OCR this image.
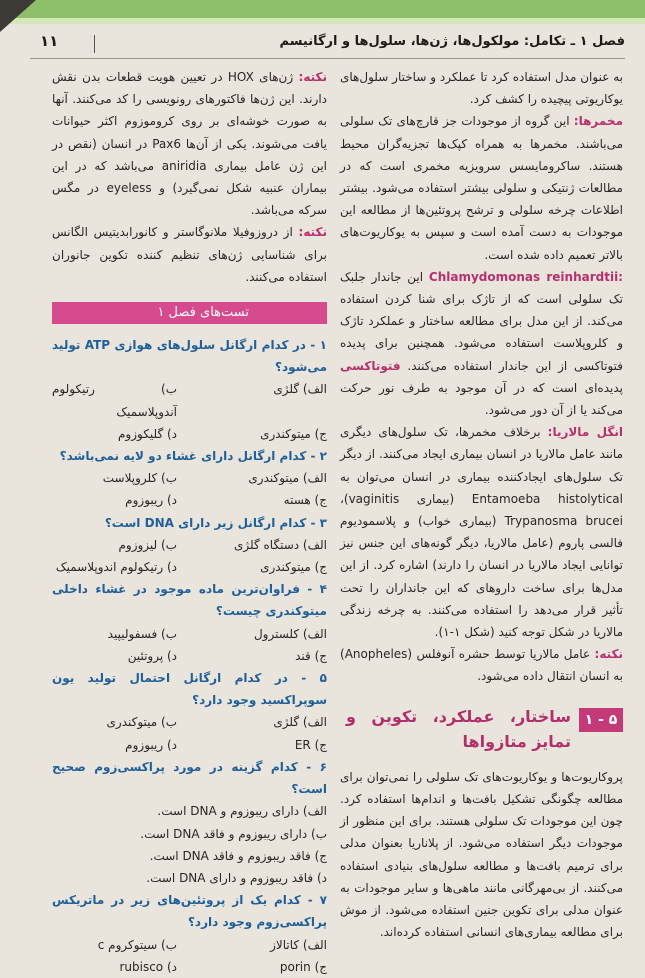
فصل ۱ ـ تکامل: مولکول‌ها، ژن‌ها، سلول‌ها و ارگانیسم
۱۱

به عنوان مدل استفاده کرد تا عملکرد و ساختار سلول‌های یوکاریوتی پیچیده را کشف کرد.

مخمرها: این گروه از موجودات جز قارچ‌های تک سلولی می‌باشند. مخمرها به همراه کپک‌ها تجزیه‌گران محیط هستند. ساکرومایسس سرویزیه مخمری است که در مطالعات ژنتیکی و سلولی بیشتر استفاده می‌شود. بیشتر اطلاعات چرخه سلولی و ترشح پروتئین‌ها از مطالعه این موجودات به دست آمده است و سپس به یوکاریوت‌های بالاتر تعمیم داده شده است.

Chlamydomonas reinhardtii: این جاندار جلبک تک سلولی است که از تاژک برای شنا کردن استفاده می‌کند. از این مدل برای مطالعه ساختار و عملکرد تاژک و کلروپلاست استفاده می‌شود. همچنین برای پدیده فتوتاکسی از این جاندار استفاده می‌کنند. فتوتاکسی پدیده‌ای است که در آن موجود به طرف نور حرکت می‌کند یا از آن دور می‌شود.

انگل مالاریا: برخلاف مخمرها، تک سلول‌های دیگری مانند عامل مالاریا در انسان بیماری ایجاد می‌کنند. از دیگر تک سلول‌های ایجادکننده بیماری در انسان می‌توان به Entamoeba histolytical (بیماری vaginitis)، Trypanosma brucei (بیماری خواب) و پلاسمودیوم فالسی پاروم (عامل مالاریا، دیگر گونه‌های این جنس نیز توانایی ایجاد مالاریا در انسان را دارند) اشاره کرد. از این مدل‌ها برای ساخت داروهای که این جانداران را تحت تأثیر قرار می‌دهد را استفاده می‌کنند. به چرخه زندگی مالاریا در شکل توجه کنید (شکل ۱-۱).

نکته: عامل مالاریا توسط حشره آنوفلس (Anopheles) به انسان انتقال داده می‌شود.

۱ - ۵
ساختار، عملکرد، تکوین و تمایز متازواها

پروکاریوت‌ها و یوکاریوت‌های تک سلولی را نمی‌توان برای مطالعه چگونگی تشکیل بافت‌ها و اندام‌ها استفاده کرد. چون این موجودات تک سلولی هستند. برای این منظور از موجودات دیگر استفاده می‌شود. از پلاناریا بعنوان مدلی برای ترمیم بافت‌ها و مطالعه سلول‌های بنیادی استفاده می‌کنند. از بی‌مهرگانی مانند ماهی‌ها و سایر موجودات به عنوان مدلی برای تکوین جنین استفاده می‌شود. از موش برای مطالعه بیماری‌های انسانی استفاده کرده‌اند.

نکته: ژن‌های HOX در تعیین هویت قطعات بدن نقش دارند. این ژن‌ها فاکتورهای رونویسی را کد می‌کنند. آنها به صورت خوشه‌ای بر روی کروموزوم اکثر حیوانات یافت می‌شوند. یکی از آن‌ها Pax6 در انسان (نقص در این ژن عامل بیماری aniridia می‌باشد که در این بیماران عنبیه شکل نمی‌گیرد) و eyeless در مگس سرکه می‌باشد.

نکته: از دروزوفیلا ملانوگاستر و کانورابدیتیس الگانس برای شناسایی ژن‌های تنظیم کننده تکوین جانوران استفاده می‌کنند.

تست‌های فصل ۱
۱ - در کدام ارگانل سلول‌های هوازی ATP تولید می‌شود؟
الف) گلژی
ب) رتیکولوم آندوپلاسمیک
ج) میتوکندری
د) گلیکوزوم
۲ - کدام ارگانل دارای غشاء دو لایه نمی‌باشد؟
الف) میتوکندری
ب) کلروپلاست
ج) هسته
د) ریبوزوم
۳ - کدام ارگانل زیر دارای DNA است؟
الف) دستگاه گلژی
ب) لیزوزوم
ج) میتوکندری
د) رتیکولوم اندوپلاسمیک
۴ - فراوان‌ترین ماده موجود در غشاء داخلی میتوکندری چیست؟
الف) کلسترول
ب) فسفولیپید
ج) قند
د) پروتئین
۵ - در کدام ارگانل احتمال تولید یون سوپراکسید وجود دارد؟
الف) گلژی
ب) میتوکندری
ج) ER
د) ریبوزوم
۶ - کدام گزینه در مورد پراکسی‌زوم صحیح است؟
الف) دارای ریبوزوم و DNA است.
ب) دارای ریبوزوم و فاقد DNA است.
ج) فاقد ریبوزوم و فاقد DNA است.
د) فاقد ریبوزوم و دارای DNA است.
۷ - کدام یک از پروتئین‌های زیر در ماتریکس پراکسی‌زوم وجود دارد؟
الف) کاتالاز
ب) سیتوکروم c
ج) porin
د) rubisco
